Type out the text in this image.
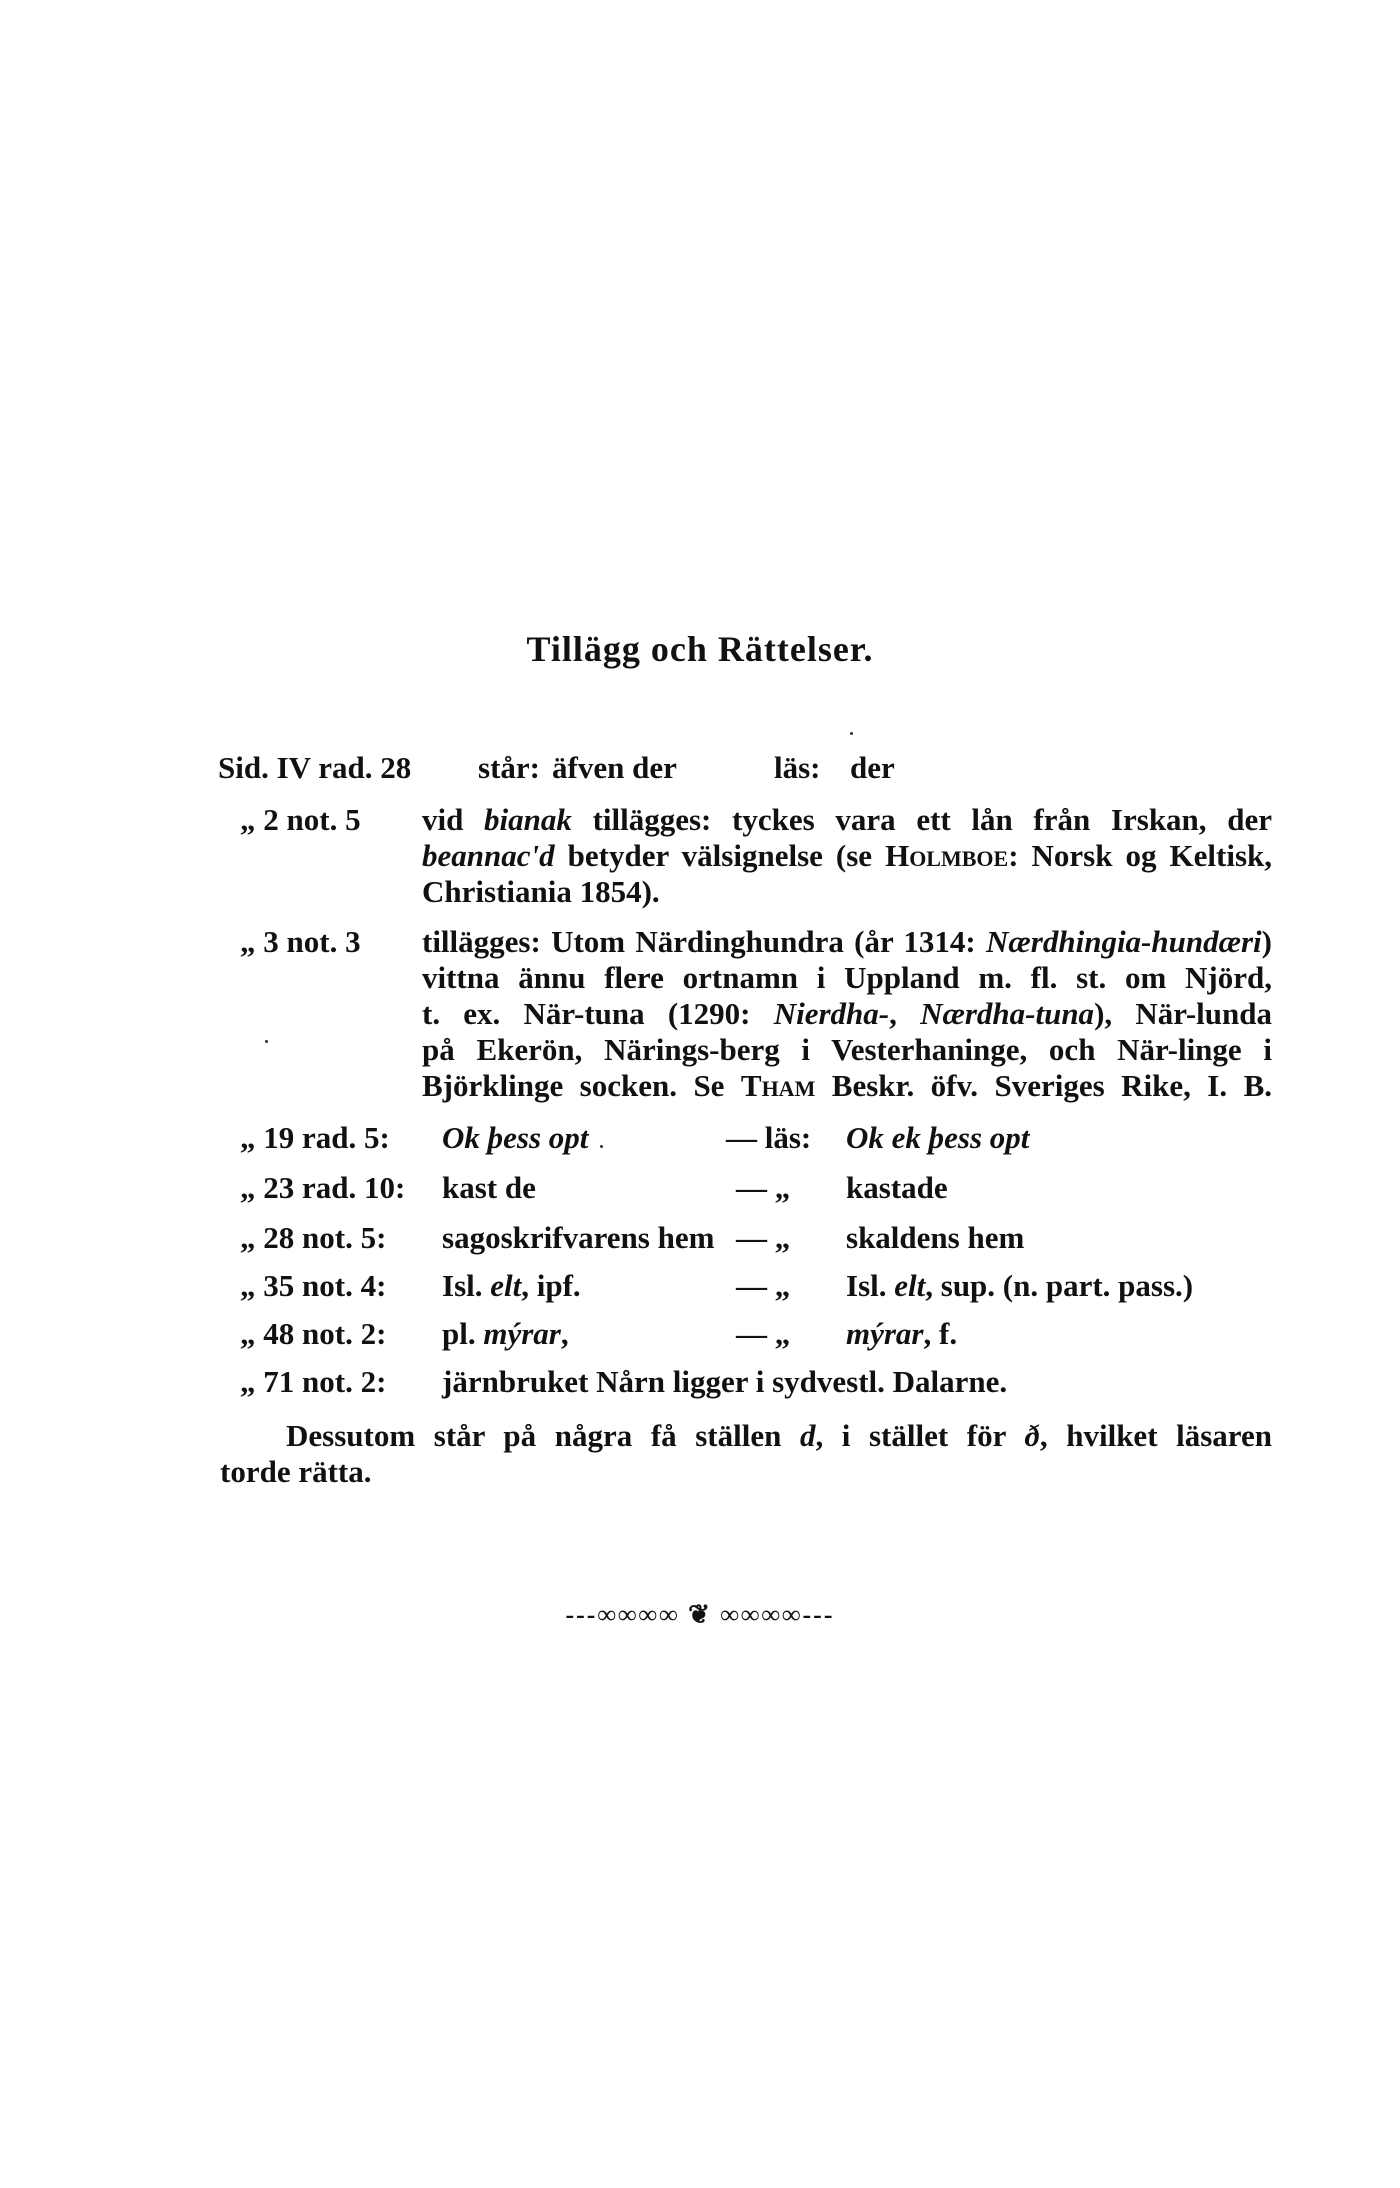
Tillägg och Rättelser.
Sid. IV rad. 28 står: äfven der	läs: der
„ 2 not. 5 vid bianak tillägges: tyckes vara ett lån från Irskan, der
beannac'd betyder välsignelse (se Holmboe: Norsk og Keltisk,
Christiania 1854).
„ 3 not. 3 tillägges: Utom Närdinghundra (år 1314: Nærdhingia-hundæri)
vittna ännu flere ortnamn i Uppland m. fl. st. om Njörd,
t. ex. När-tuna (1290: Nierdha-, Nærdha-tuna), När-lunda
på Ekerön, Närings-berg i Vesterhaninge, och När-linge i
Björklinge socken. Se Tham Beskr. öfv. Sveriges Rike, I. B.
„ 19 rad. 5: Ok þess opt	— läs: Ok ek þess opt
„ 23 rad. 10: kast de	— „ kastade
„ 28 not. 5: sagoskrifvarens hem — „ skaldens hem
„ 35 not. 4: Isl. elt, ipf.	— „ Isl. elt, sup. (n. part. pass.)
„ 48 not. 2: pl. mýrar,	— „ mýrar, f.
„ 71 not. 2: järnbruket Nårn ligger i sydvestl. Dalarne.
Dessutom står på några få ställen d, i stället för ð, hvilket läsaren
torde rätta.
---∞∞∞∞ ❦ ∞∞∞∞---
